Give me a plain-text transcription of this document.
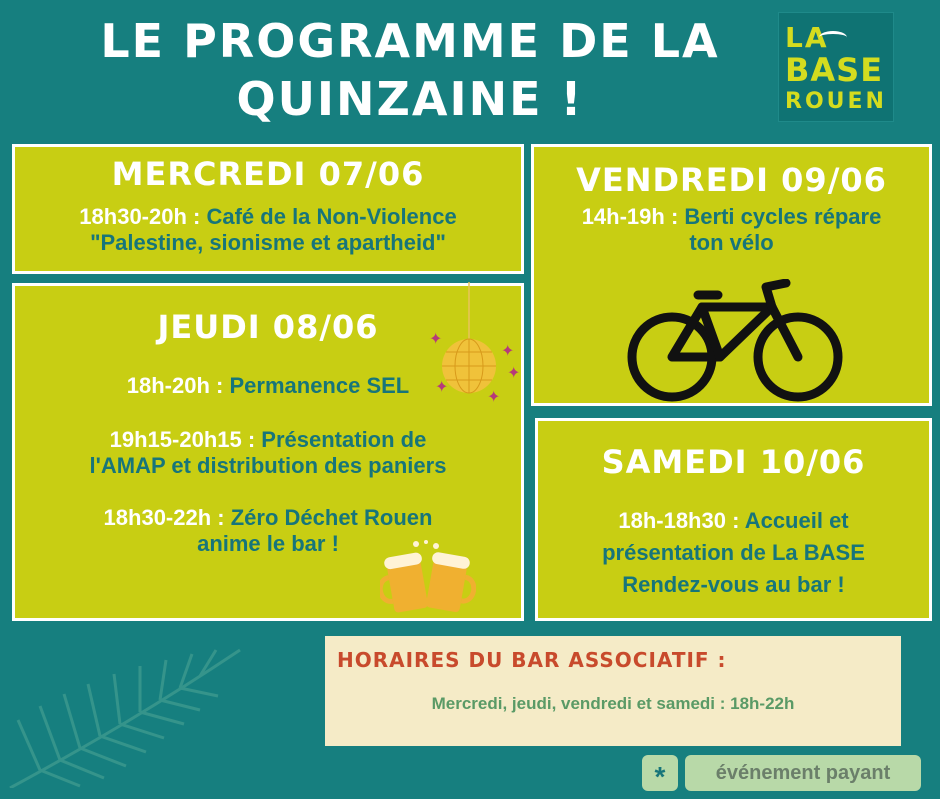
LE PROGRAMME DE LA
QUINZAINE !
LA
BASE
ROUEN
MERCREDI 07/06
18h30-20h : Café de la Non-Violence
"Palestine, sionisme et apartheid"
JEUDI 08/06
18h-20h : Permanence SEL
19h15-20h15 : Présentation de
l'AMAP et distribution des paniers
18h30-22h : Zéro Déchet Rouen
anime le bar !
✦
✦
✦
✦
✦
VENDREDI 09/06
14h-19h : Berti cycles répare
ton vélo
SAMEDI 10/06
18h-18h30 : Accueil et
présentation de La BASE
Rendez-vous au bar !
HORAIRES DU BAR ASSOCIATIF :
Mercredi, jeudi, vendredi et samedi : 18h-22h
*	événement payant
